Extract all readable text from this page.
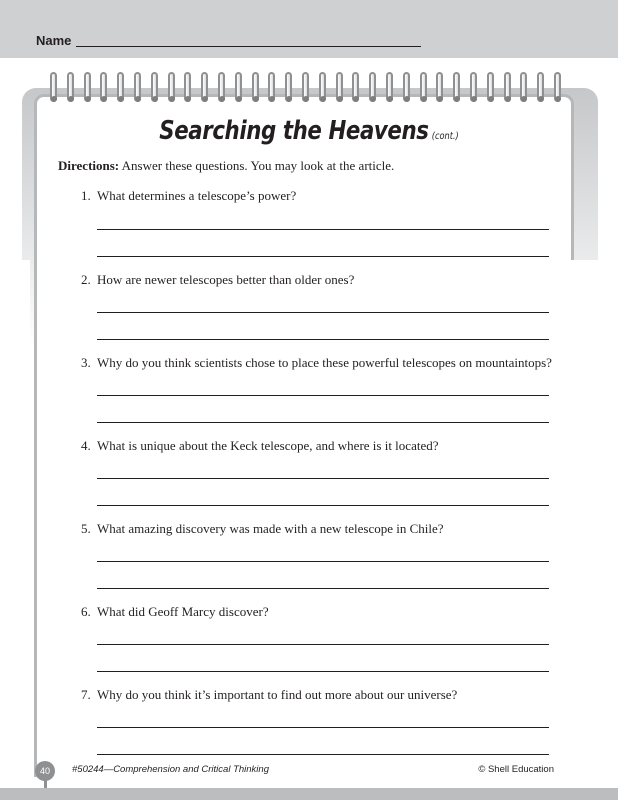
Name
Searching the Heavens (cont.)
Directions: Answer these questions. You may look at the article.
1. What determines a telescope’s power?
2. How are newer telescopes better than older ones?
3. Why do you think scientists chose to place these powerful telescopes on mountaintops?
4. What is unique about the Keck telescope, and where is it located?
5. What amazing discovery was made with a new telescope in Chile?
6. What did Geoff Marcy discover?
7. Why do you think it’s important to find out more about our universe?
40	#50244—Comprehension and Critical Thinking	© Shell Education
